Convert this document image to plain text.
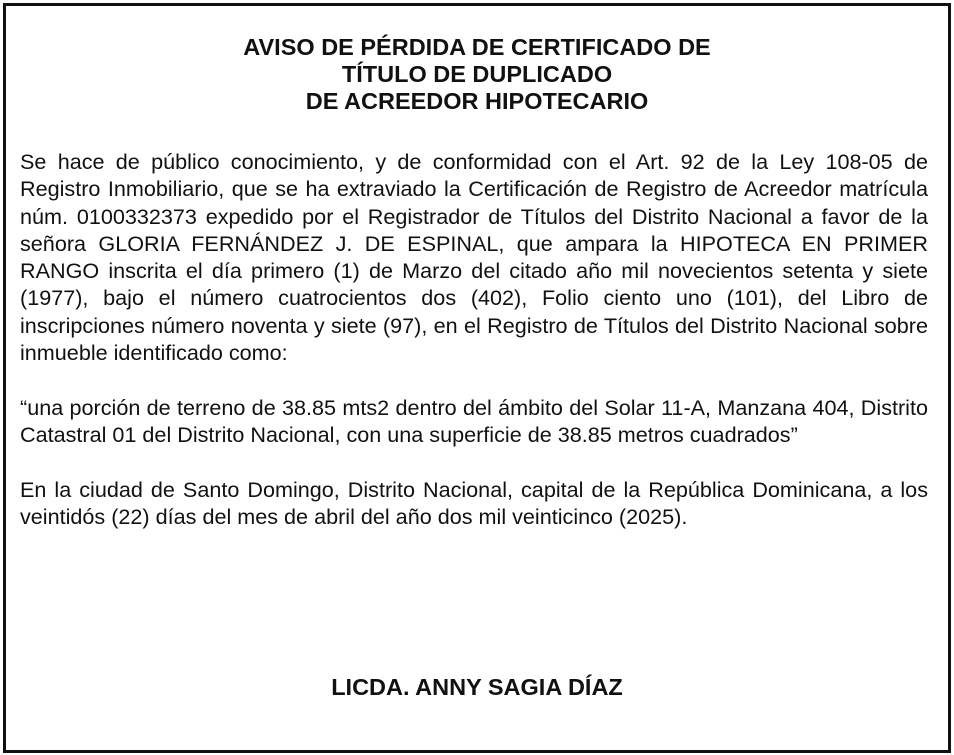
AVISO DE PÉRDIDA DE CERTIFICADO DE
TÍTULO DE DUPLICADO
DE ACREEDOR HIPOTECARIO

Se hace de público conocimiento, y de conformidad con el Art. 92 de la Ley 108-05 de Registro Inmobiliario, que se ha extraviado la Certificación de Registro de Acreedor matrícula núm. 0100332373 expedido por el Registrador de Títulos del Distrito Nacional a favor de la señora GLORIA FERNÁNDEZ J. DE ESPINAL, que ampara la HIPOTECA EN PRIMER RANGO inscrita el día primero (1) de Marzo del citado año mil novecientos setenta y siete (1977), bajo el número cuatrocientos dos (402), Folio ciento uno (101), del Libro de inscripciones número noventa y siete (97), en el Registro de Títulos del Distrito Nacional sobre inmueble identificado como:

“una porción de terreno de 38.85 mts2 dentro del ámbito del Solar 11-A, Manzana 404, Distrito Catastral 01 del Distrito Nacional, con una superficie de 38.85 metros cuadrados”

En la ciudad de Santo Domingo, Distrito Nacional, capital de la República Dominicana, a los veintidós (22) días del mes de abril del año dos mil veinticinco (2025).

LICDA. ANNY SAGIA DÍAZ
